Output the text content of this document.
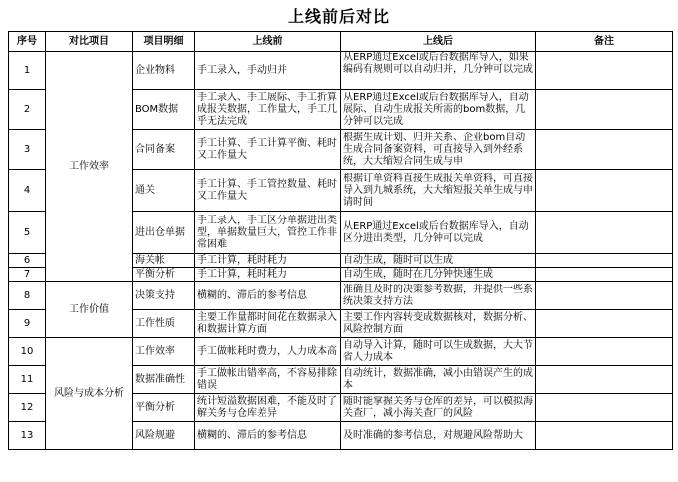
上线前后对比
序号	对比项目	项目明细	上线前	上线后	备注
1	工作效率	企业物料	手工录入，手动归并	从ERP通过Excel或后台数据库导入，如果编码有规则可以自动归并，几分钟可以完成	

2		BOM数据	手工录入、手工展际、手工折算成报关数据，工作量大，手工几乎无法完成	从ERP通过Excel或后台数据库导入，自动展际、自动生成报关所需的bom数据，几分钟可以完成	

3		合同备案	手工计算、手工计算平衡、耗时又工作量大	根据生成计划、归并关系、企业bom自动生成合同备案资料，可直接导入到外经系统，大大缩短合同生成与申	

4		通关	手工计算、手工管控数量、耗时又工作量大	根据订单资料直接生成报关单资料，可直接导入到九城系统，大大缩短报关单生成与申请时间	

5		进出仓单据	手工录入，手工区分单据进出类型，单据数量巨大，管控工作非常困难	从ERP通过Excel或后台数据库导入，自动区分进出类型，几分钟可以完成	
6		海关帐	手工计算，耗时耗力	自动生成，随时可以生成	
7		平衡分析	手工计算，耗时耗力	自动生成，随时在几分钟快速生成	
8	工作价值	决策支持	横糊的、滞后的参考信息	准确且及时的决策参考数据，并提供一些系统决策支持方法	

9		工作性质	主要工作量都时间花在数据录入和数据计算方面	主要工作内容转变成数据核对，数据分析、风险控制方面	
10	风险与成本分析	工作效率	手工做帐耗时费力，人力成本高	自动导入计算，随时可以生成数据，大大节省人力成本	
11		数据准确性	手工做帐出错率高，不容易排除错误	自动统计，数据准确，减小由错误产生的成本	
12		平衡分析	统计短溢数据困难，不能及时了解关务与仓库差异	随时能掌握关务与仓库的差异，可以模拟海关查厂，减小海关查厂的风险	

13		风险规避	横糊的、滞后的参考信息	及时准确的参考信息，对规避风险帮助大	
